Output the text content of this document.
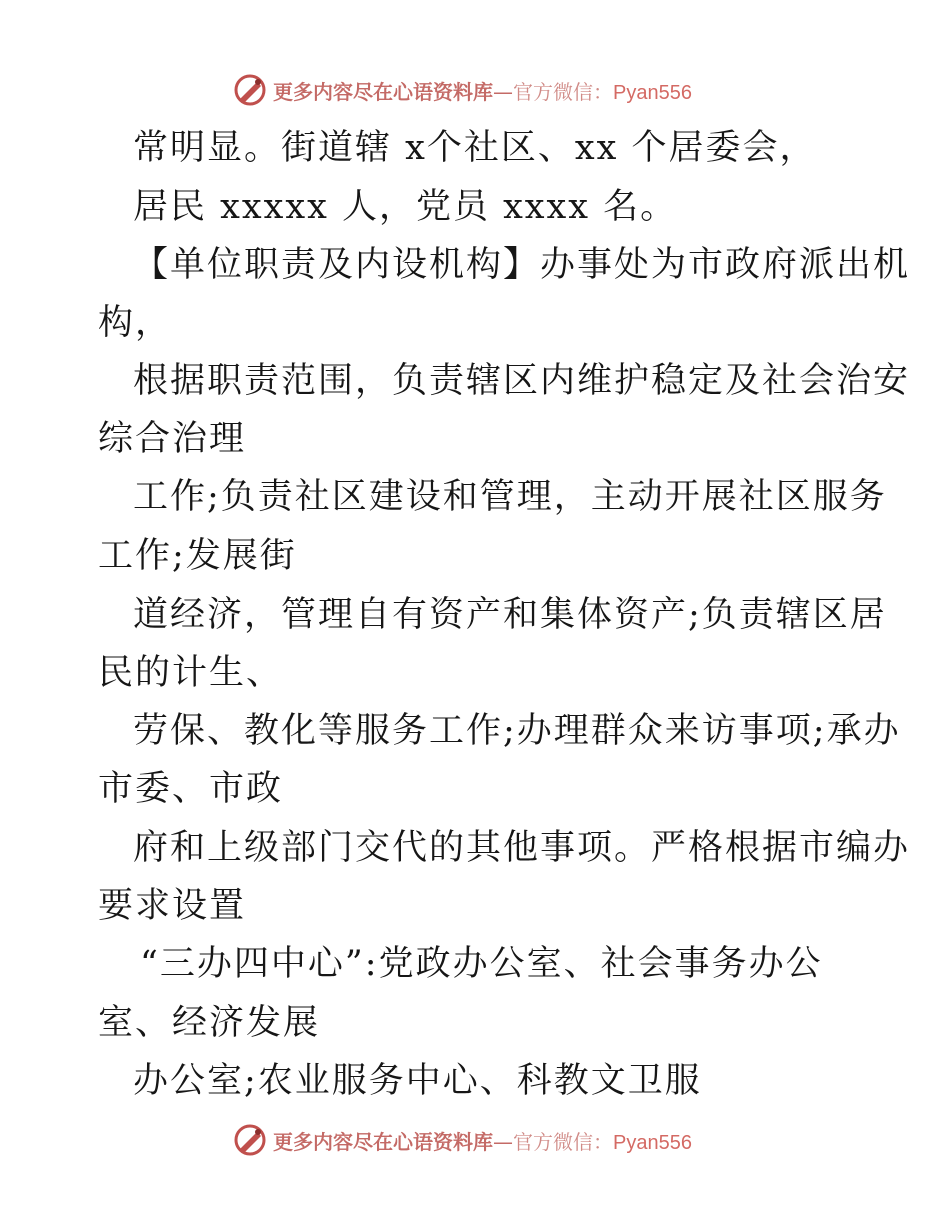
更多内容尽在心语资料库—官方微信：Pyan556
常明显。街道辖 x个社区、xx 个居委会，
居民 xxxxx 人，党员 xxxx 名。
【单位职责及内设机构】办事处为市政府派出机
构，
根据职责范围，负责辖区内维护稳定及社会治安
综合治理
工作;负责社区建设和管理，主动开展社区服务
工作;发展街
道经济，管理自有资产和集体资产;负责辖区居
民的计生、
劳保、教化等服务工作;办理群众来访事项;承办
市委、市政
府和上级部门交代的其他事项。严格根据市编办
要求设置
“三办四中心”:党政办公室、社会事务办公
室、经济发展
办公室;农业服务中心、科教文卫服
更多内容尽在心语资料库—官方微信：Pyan556
